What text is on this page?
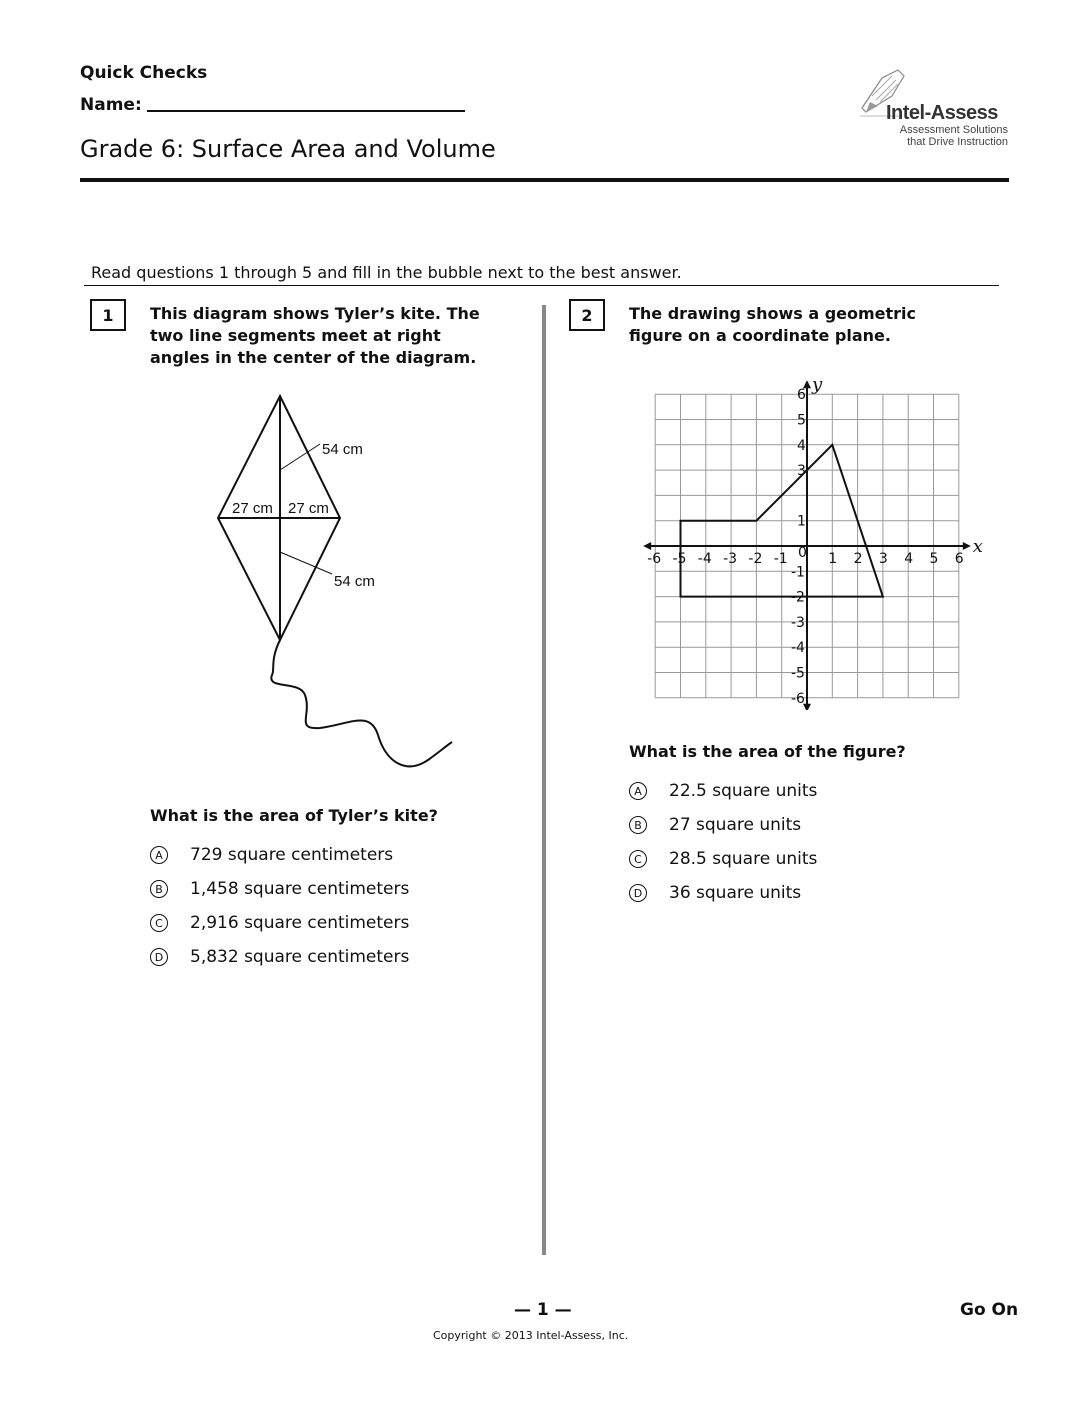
Quick Checks
Name:
Grade 6: Surface Area and Volume
Intel-Assess
Assessment Solutions
that Drive Instruction
Read questions 1 through 5 and fill in the bubble next to the best answer.
1	This diagram shows Tyler’s kite. The
two line segments meet at right
angles in the center of the diagram.
54 cm
27 cm 27 cm
54 cm
What is the area of Tyler’s kite?
A	729 square centimeters
B	1,458 square centimeters
C	2,916 square centimeters
D 5,832 square centimeters
2	The drawing shows a geometric
figure on a coordinate plane.
-6 -5 -4 -3 -2 -1	1 2 3 4 5 6
6
5
4
3
1
-1
-2
-3
-4
-5
-6
0	x
y
What is the area of the figure?
A	22.5 square units
B	27 square units
C	28.5 square units
D 36 square units
— 1 —
Copyright © 2013 Intel-Assess, Inc.
Go On
